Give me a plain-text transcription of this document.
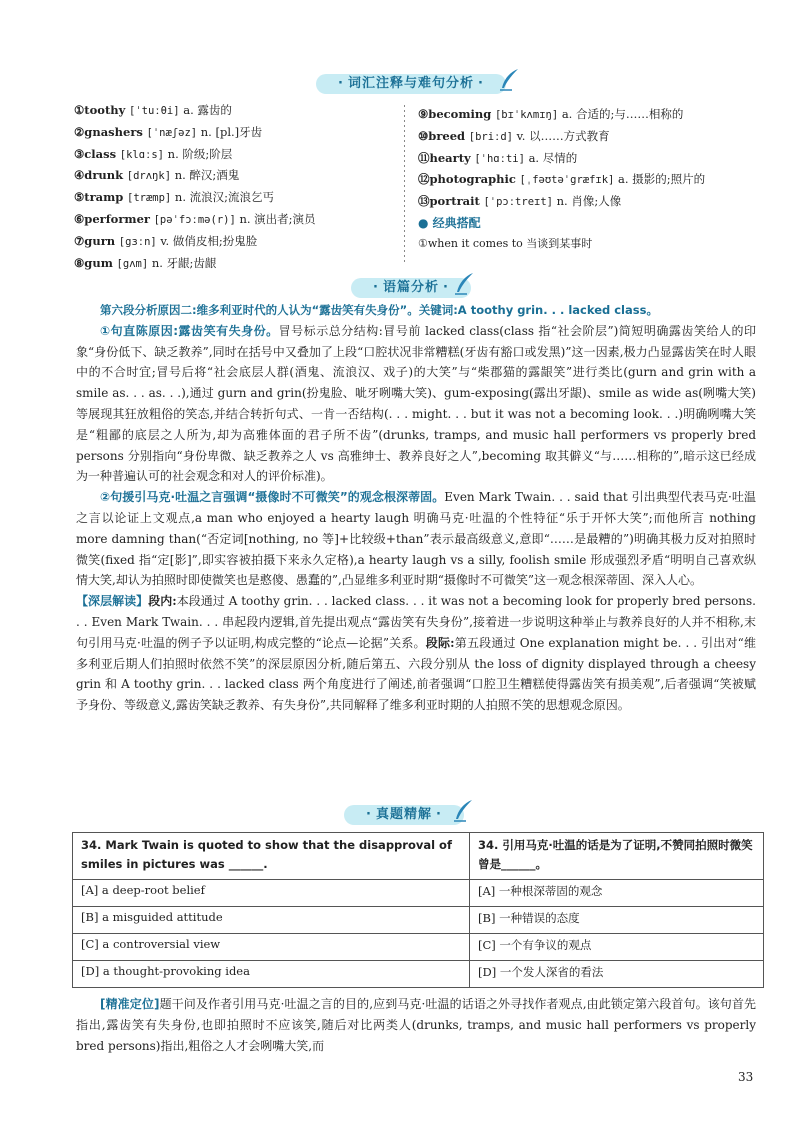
· 词汇注释与难句分析 ·
①toothy [ˈtuːθi] a. 露齿的
②gnashers [ˈnæʃəz] n. [pl.]牙齿
③class [klɑːs] n. 阶级;阶层
④drunk [drʌŋk] n. 醉汉;酒鬼
⑤tramp [træmp] n. 流浪汉;流浪乞丐
⑥performer [pəˈfɔːmə(r)] n. 演出者;演员
⑦gurn [gɜːn] v. 做俏皮相;扮鬼脸
⑧gum [gʌm] n. 牙龈;齿龈
⑨becoming [bɪˈkʌmɪŋ] a. 合适的;与……相称的
⑩breed [briːd] v. 以……方式教育
⑪hearty [ˈhɑːti] a. 尽情的
⑫photographic [ˌfəʊtəˈgræfɪk] a. 摄影的;照片的
⑬portrait [ˈpɔːtreɪt] n. 肖像;人像
● 经典搭配
①when it comes to 当谈到某事时
· 语篇分析 ·

第六段分析原因二:维多利亚时代的人认为“露齿笑有失身份”。关键词:A toothy grin. . . lacked class。

①句直陈原因:露齿笑有失身份。冒号标示总分结构:冒号前 lacked class(class 指“社会阶层”)简短明确露齿笑给人的印象“身份低下、缺乏教养”,同时在括号中又叠加了上段“口腔状况非常糟糕(牙齿有豁口或发黑)”这一因素,极力凸显露齿笑在时人眼中的不合时宜;冒号后将“社会底层人群(酒鬼、流浪汉、戏子)的大笑”与“柴郡猫的露龈笑”进行类比(gurn and grin with a smile as. . . as. . .),通过 gurn and grin(扮鬼脸、呲牙咧嘴大笑)、gum-exposing(露出牙龈)、smile as wide as(咧嘴大笑)等展现其狂放粗俗的笑态,并结合转折句式、一肯一否结构(. . . might. . . but it was not a becoming look. . .)明确咧嘴大笑是“粗鄙的底层之人所为,却为高雅体面的君子所不齿”(drunks, tramps, and music hall performers vs properly bred persons 分别指向“身份卑微、缺乏教养之人 vs 高雅绅士、教养良好之人”,becoming 取其僻义“与……相称的”,暗示这已经成为一种普遍认可的社会观念和对人的评价标准)。

②句援引马克·吐温之言强调“摄像时不可微笑”的观念根深蒂固。Even Mark Twain. . . said that 引出典型代表马克·吐温之言以论证上文观点,a man who enjoyed a hearty laugh 明确马克·吐温的个性特征“乐于开怀大笑”;而他所言 nothing more damning than(“否定词[nothing, no 等]+比较级+than”表示最高级意义,意即“……是最糟的”)明确其极力反对拍照时微笑(fixed 指“定[影]”,即实容被拍摄下来永久定格),a hearty laugh vs a silly, foolish smile 形成强烈矛盾“明明自己喜欢纵情大笑,却认为拍照时即使微笑也是憨傻、愚蠢的”,凸显维多利亚时期“摄像时不可微笑”这一观念根深蒂固、深入人心。

【深层解读】段内:本段通过 A toothy grin. . . lacked class. . . it was not a becoming look for properly bred persons. . . Even Mark Twain. . . 串起段内逻辑,首先提出观点“露齿笑有失身份”,接着进一步说明这种举止与教养良好的人并不相称,末句引用马克·吐温的例子予以证明,构成完整的“论点—论据”关系。段际:第五段通过 One explanation might be. . . 引出对“维多利亚后期人们拍照时依然不笑”的深层原因分析,随后第五、六段分别从 the loss of dignity displayed through a cheesy grin 和 A toothy grin. . . lacked class 两个角度进行了阐述,前者强调“口腔卫生糟糕使得露齿笑有损美观”,后者强调“笑被赋予身份、等级意义,露齿笑缺乏教养、有失身份”,共同解释了维多利亚时期的人拍照不笑的思想观念原因。

· 真题精解 ·
34. Mark Twain is quoted to show that the disapproval of smiles in pictures was ______.	34. 引用马克·吐温的话是为了证明,不赞同拍照时微笑曾是______。
[A] a deep-root belief	[A] 一种根深蒂固的观念
[B] a misguided attitude	[B] 一种错误的态度
[C] a controversial view	[C] 一个有争议的观点
[D] a thought-provoking idea	[D] 一个发人深省的看法

[精准定位]题干问及作者引用马克·吐温之言的目的,应到马克·吐温的话语之外寻找作者观点,由此锁定第六段首句。该句首先指出,露齿笑有失身份,也即拍照时不应该笑,随后对比两类人(drunks, tramps, and music hall performers vs properly bred persons)指出,粗俗之人才会咧嘴大笑,而

33
